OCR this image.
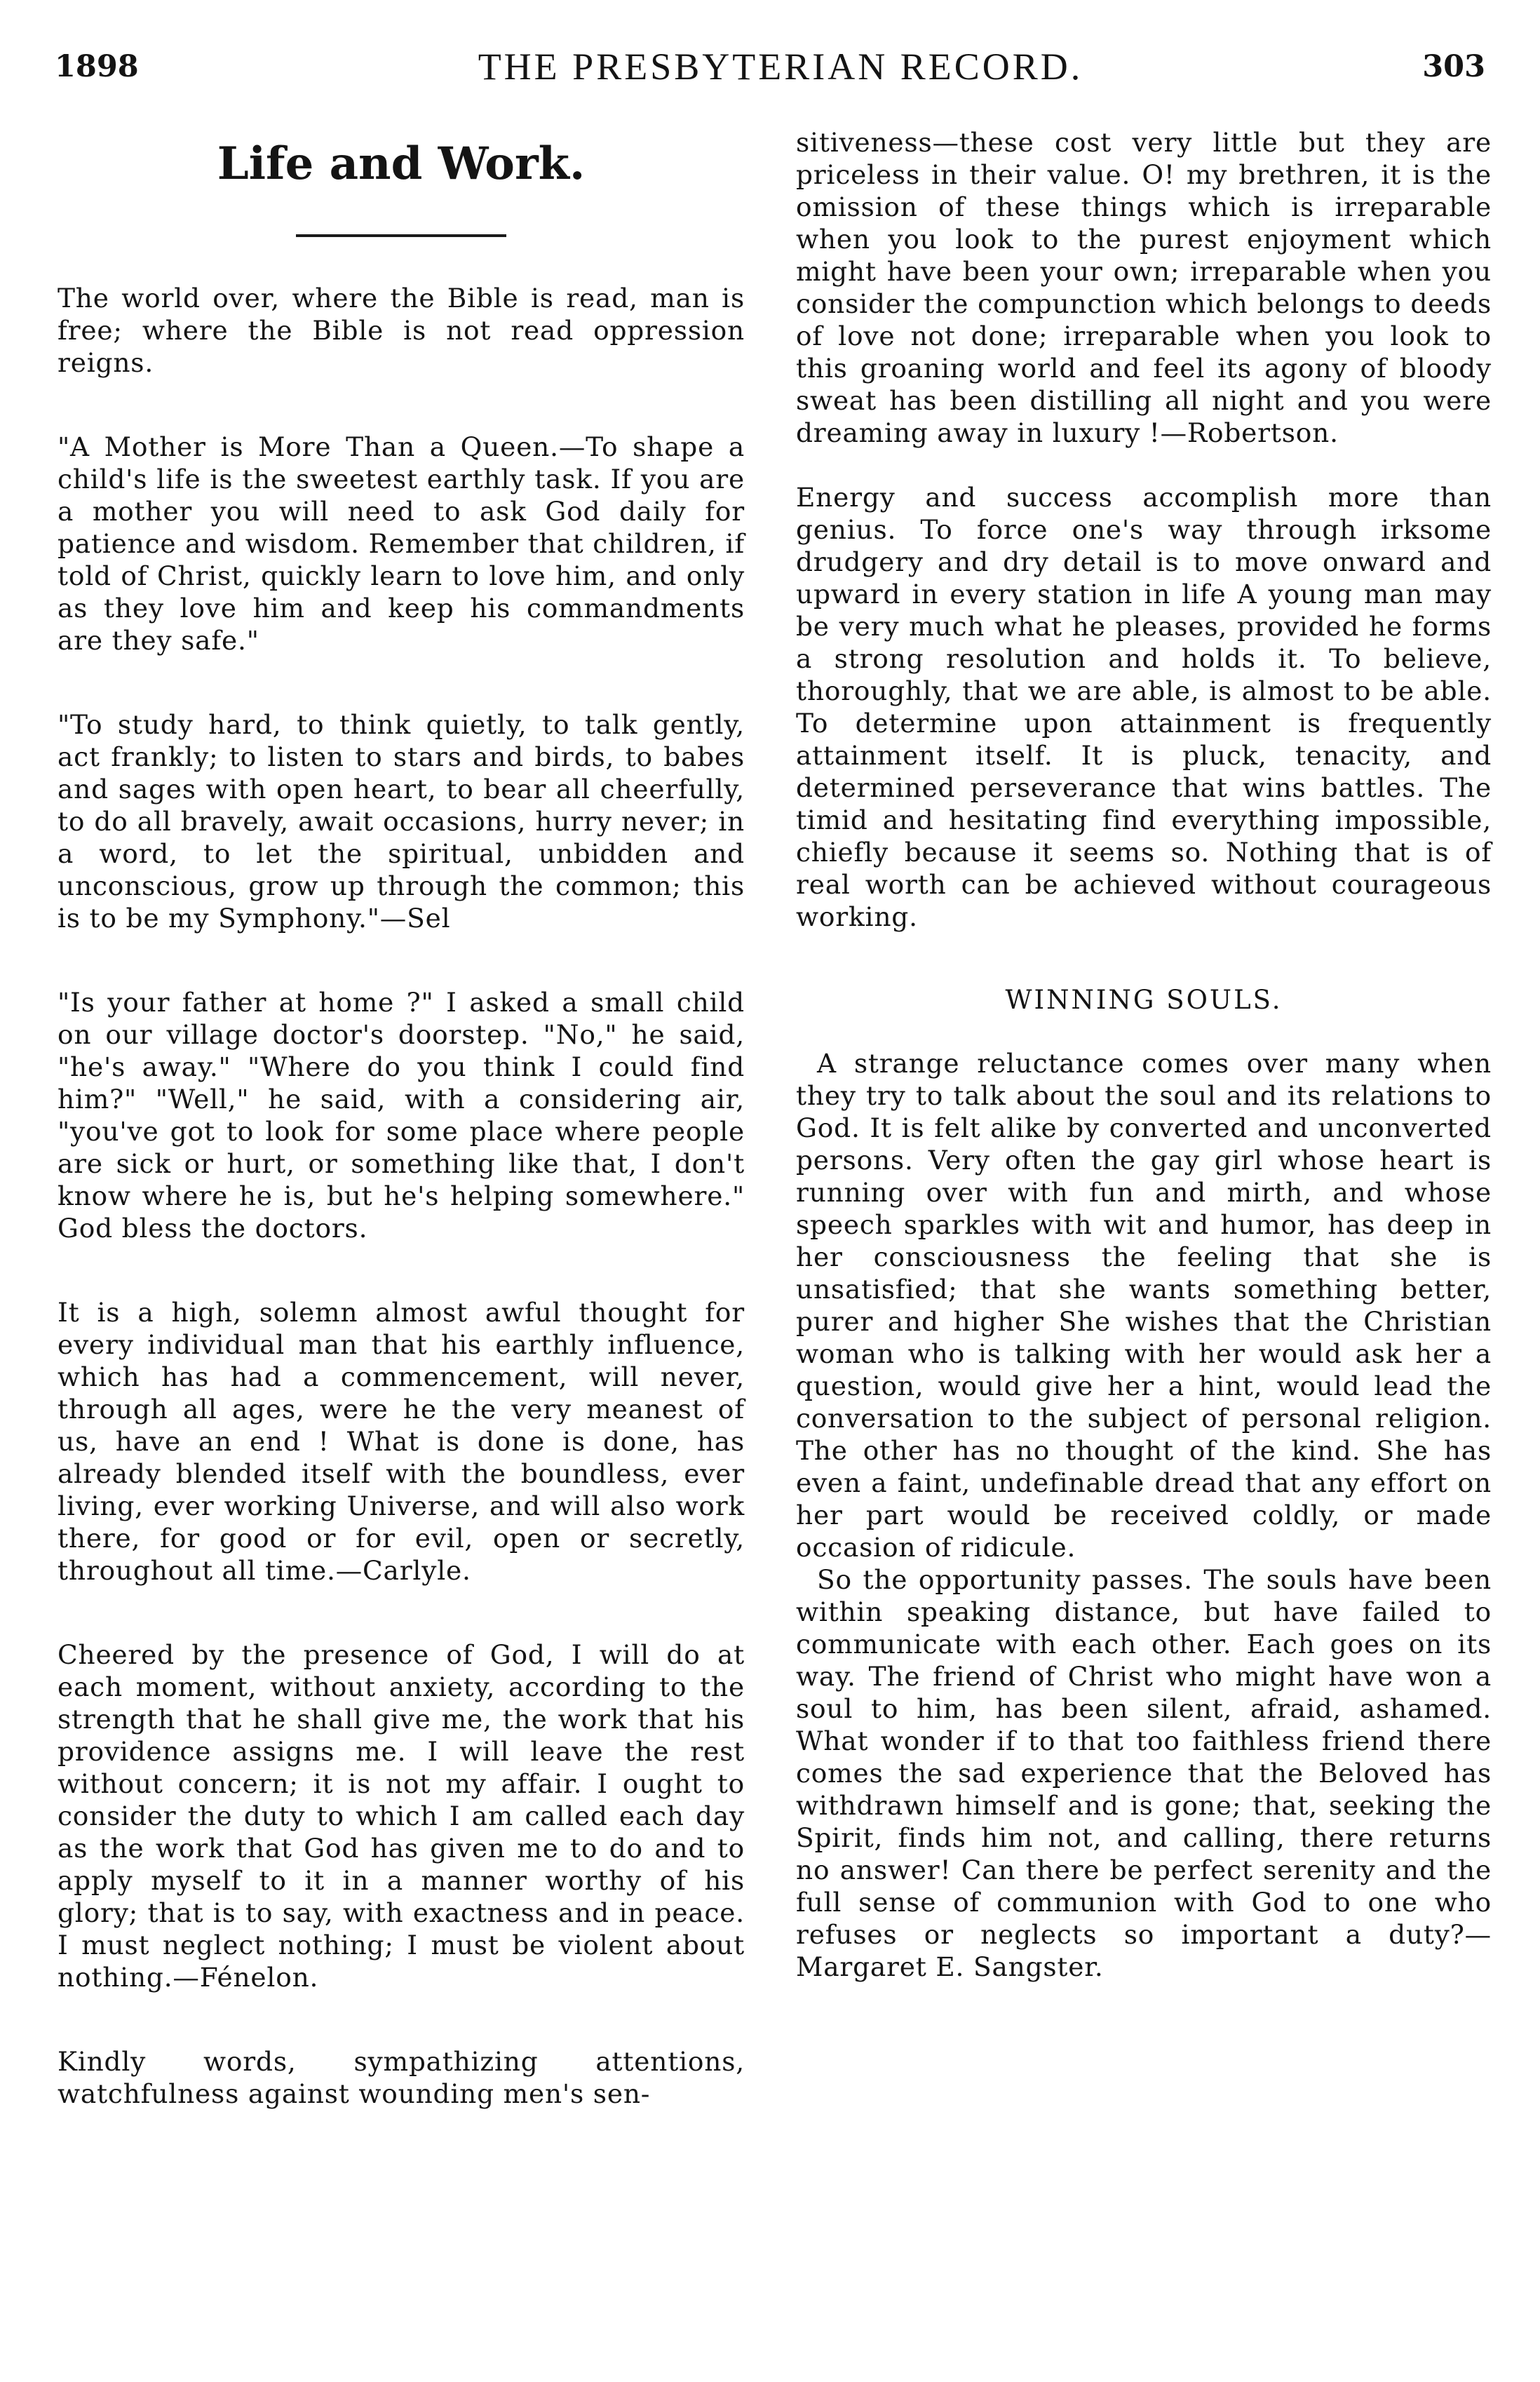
1898	THE PRESBYTERIAN RECORD.	303
Life and Work.

The world over, where the Bible is read, man is free; where the Bible is not read oppression reigns.

"A Mother is More Than a Queen.—To shape a child's life is the sweetest earthly task. If you are a mother you will need to ask God daily for patience and wisdom. Remember that children, if told of Christ, quickly learn to love him, and only as they love him and keep his commandments are they safe."

"To study hard, to think quietly, to talk gently, act frankly; to listen to stars and birds, to babes and sages with open heart, to bear all cheerfully, to do all bravely, await occasions, hurry never; in a word, to let the spiritual, unbidden and unconscious, grow up through the common; this is to be my Symphony."—Sel

"Is your father at home ?" I asked a small child on our village doctor's doorstep. "No," he said, "he's away." "Where do you think I could find him?" "Well," he said, with a considering air, "you've got to look for some place where people are sick or hurt, or something like that, I don't know where he is, but he's helping somewhere." God bless the doctors.

It is a high, solemn almost awful thought for every individual man that his earthly influence, which has had a commencement, will never, through all ages, were he the very meanest of us, have an end ! What is done is done, has already blended itself with the boundless, ever living, ever working Universe, and will also work there, for good or for evil, open or secretly, throughout all time.—Carlyle.

Cheered by the presence of God, I will do at each moment, without anxiety, according to the strength that he shall give me, the work that his providence assigns me. I will leave the rest without concern; it is not my affair. I ought to consider the duty to which I am called each day as the work that God has given me to do and to apply myself to it in a manner worthy of his glory; that is to say, with exactness and in peace. I must neglect nothing; I must be violent about nothing.—Fénelon.

Kindly words, sympathizing attentions, watchfulness against wounding men's sen-

sitiveness—these cost very little but they are priceless in their value. O! my brethren, it is the omission of these things which is irreparable when you look to the purest enjoyment which might have been your own; irreparable when you consider the compunction which belongs to deeds of love not done; irreparable when you look to this groaning world and feel its agony of bloody sweat has been distilling all night and you were dreaming away in luxury !—Robertson.

Energy and success accomplish more than genius. To force one's way through irksome drudgery and dry detail is to move onward and upward in every station in life A young man may be very much what he pleases, provided he forms a strong resolution and holds it. To believe, thoroughly, that we are able, is almost to be able. To determine upon attainment is frequently attainment itself. It is pluck, tenacity, and determined perseverance that wins battles. The timid and hesitating find everything impossible, chiefly because it seems so. Nothing that is of real worth can be achieved without courageous working.

WINNING SOULS.

A strange reluctance comes over many when they try to talk about the soul and its relations to God. It is felt alike by converted and unconverted persons. Very often the gay girl whose heart is running over with fun and mirth, and whose speech sparkles with wit and humor, has deep in her consciousness the feeling that she is unsatisfied; that she wants something better, purer and higher She wishes that the Christian woman who is talking with her would ask her a question, would give her a hint, would lead the conversation to the subject of personal religion. The other has no thought of the kind. She has even a faint, undefinable dread that any effort on her part would be received coldly, or made occasion of ridicule.

So the opportunity passes. The souls have been within speaking distance, but have failed to communicate with each other. Each goes on its way. The friend of Christ who might have won a soul to him, has been silent, afraid, ashamed. What wonder if to that too faithless friend there comes the sad experience that the Beloved has withdrawn himself and is gone; that, seeking the Spirit, finds him not, and calling, there returns no answer! Can there be perfect serenity and the full sense of communion with God to one who refuses or neglects so important a duty?—Margaret E. Sangster.
